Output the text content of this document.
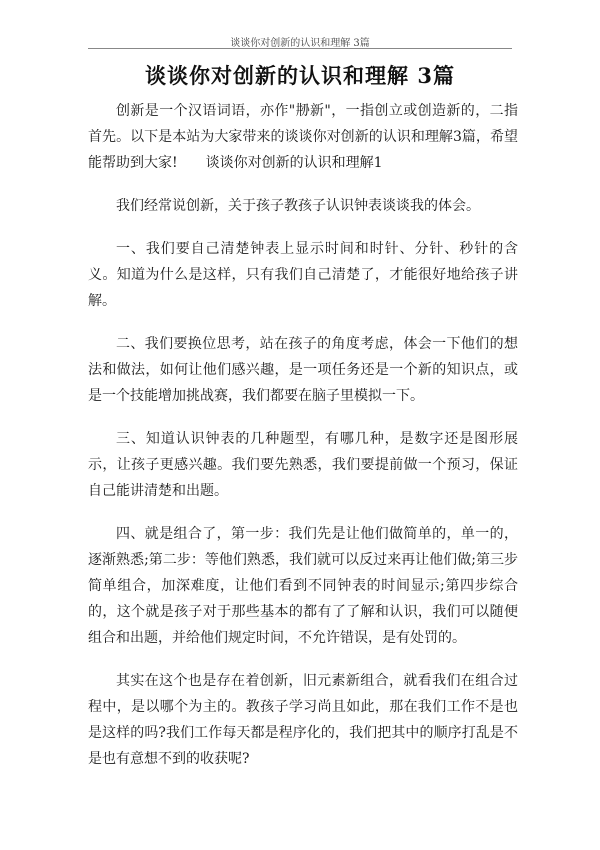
谈谈你对创新的认识和理解 3篇
谈谈你对创新的认识和理解 3篇

创新是一个汉语词语，亦作"刱新"，一指创立或创造新的，二指首先。以下是本站为大家带来的谈谈你对创新的认识和理解3篇，希望能帮助到大家!　　谈谈你对创新的认识和理解1

我们经常说创新，关于孩子教孩子认识钟表谈谈我的体会。

一、我们要自己清楚钟表上显示时间和时针、分针、秒针的含义。知道为什么是这样，只有我们自己清楚了，才能很好地给孩子讲解。

二、我们要换位思考，站在孩子的角度考虑，体会一下他们的想法和做法，如何让他们感兴趣，是一项任务还是一个新的知识点，或是一个技能增加挑战赛，我们都要在脑子里模拟一下。

三、知道认识钟表的几种题型，有哪几种，是数字还是图形展示，让孩子更感兴趣。我们要先熟悉，我们要提前做一个预习，保证自己能讲清楚和出题。

四、就是组合了，第一步：我们先是让他们做简单的，单一的，逐渐熟悉;第二步：等他们熟悉，我们就可以反过来再让他们做;第三步简单组合，加深难度，让他们看到不同钟表的时间显示;第四步综合的，这个就是孩子对于那些基本的都有了了解和认识，我们可以随便组合和出题，并给他们规定时间，不允许错误，是有处罚的。

其实在这个也是存在着创新，旧元素新组合，就看我们在组合过程中，是以哪个为主的。教孩子学习尚且如此，那在我们工作不是也是这样的吗?我们工作每天都是程序化的，我们把其中的顺序打乱是不是也有意想不到的收获呢?
